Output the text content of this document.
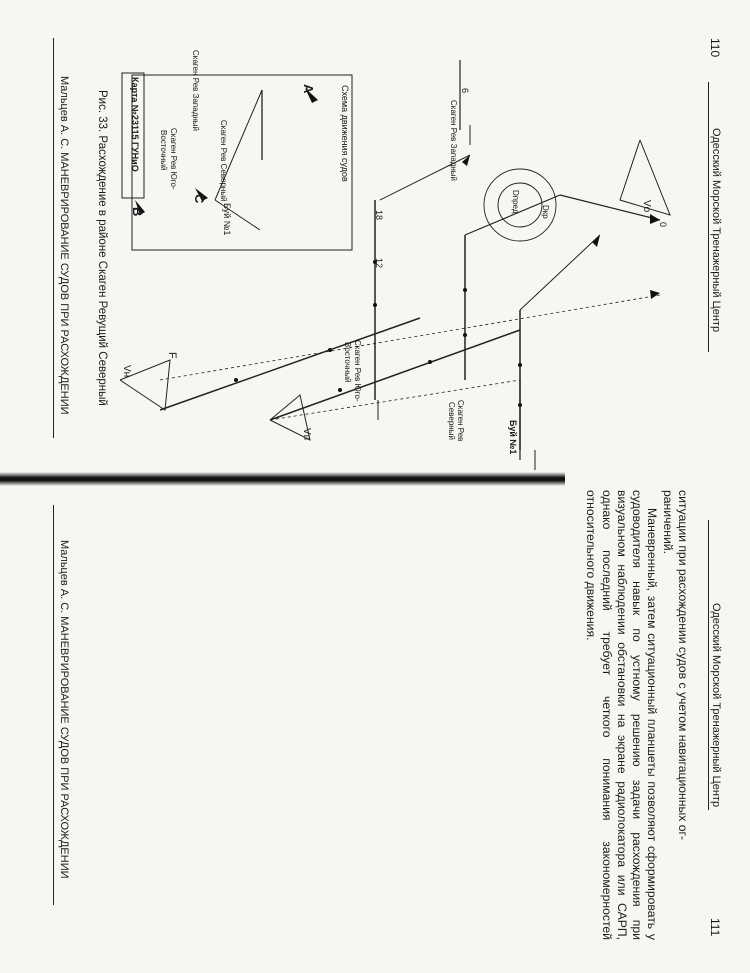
110
Одесский Морской Тренажерный Центр
Рис. 33. Расхождение в районе Скаген Ревущий Северный
Мальцев А. С. МАНЕВРИРОВАНИЕ СУДОВ ПРИ РАСХОЖДЕНИИ	Схема движения судов
Карта №23115 ГУНиО
Буй №1
A
B
C Скаген Рев Северный
Скаген Рев Западный
Скаген Рев Юго-
Восточный	Скаген Рев Западный
Скаген Рев Юго-
Восточный
Скаген Рев
Северный	Буй №1
0
6
12
18
Vн
Vо
Vп
F
Dпред	Dкр
Одесский Морской Тренажерный Центр
111

ситуации при расхождении судов с учетом навигационных ог-

раничений.

Маневренный, затем ситуационный планшеты позволяют сформировать у судоводителя навык по устному решению задачи расхождения при визуальном наблюдении обстановки на экране радиолокатора или САРП, однако последний требует четкого понимания закономерностей относительного движения.

Мальцев А. С. МАНЕВРИРОВАНИЕ СУДОВ ПРИ РАСХОЖДЕНИИ
